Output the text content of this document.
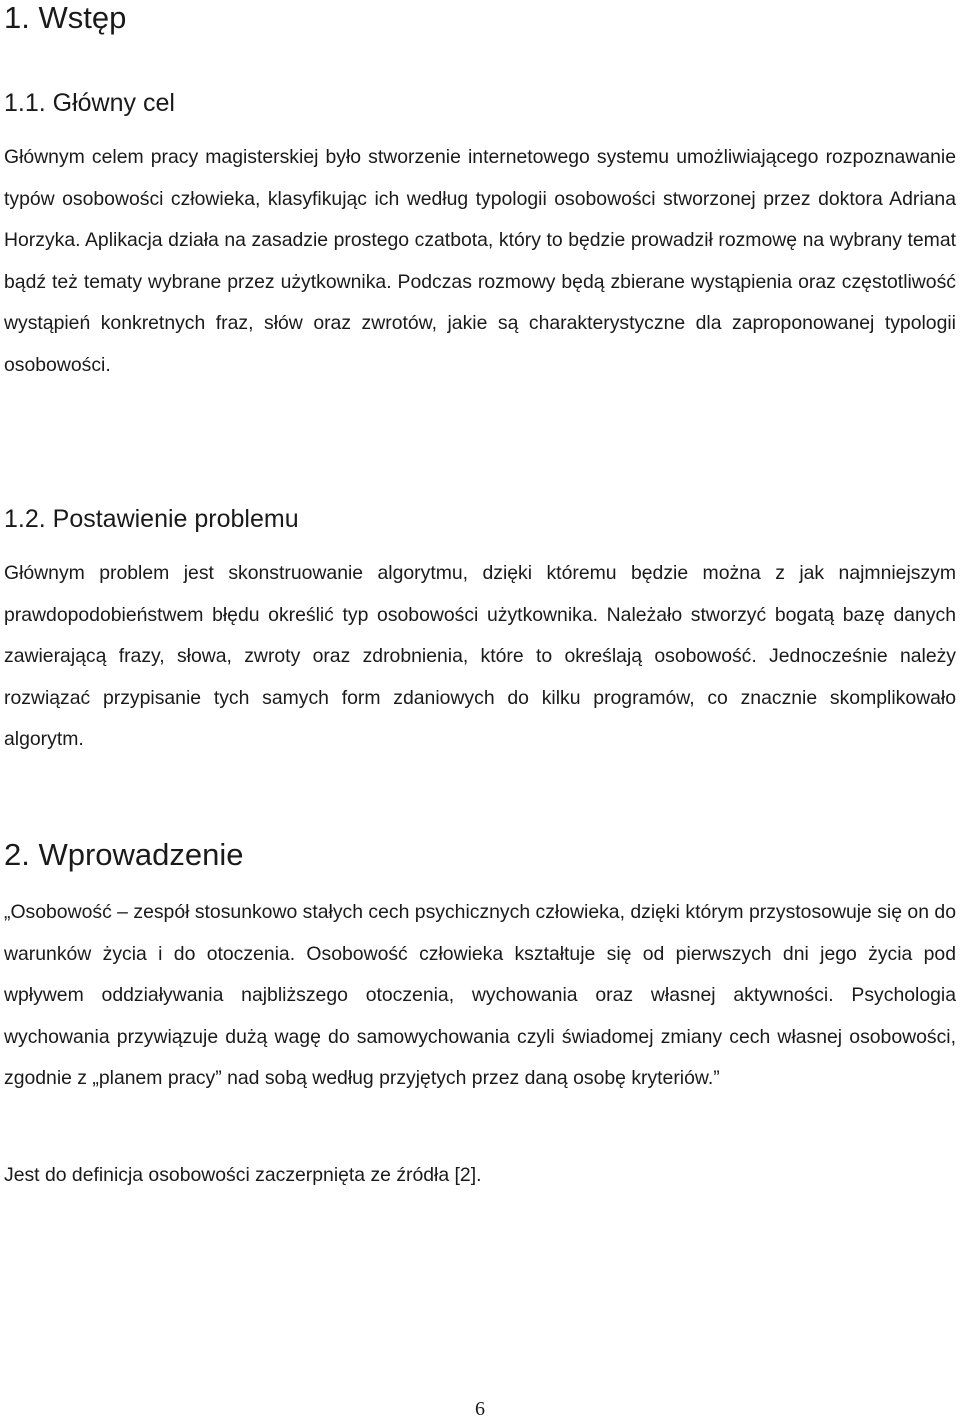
1. Wstęp
1.1. Główny cel

Głównym celem pracy magisterskiej było stworzenie internetowego systemu umożliwiającego rozpoznawanie typów osobowości człowieka, klasyfikując ich według typologii osobowości stworzonej przez doktora Adriana Horzyka. Aplikacja działa na zasadzie prostego czatbota, który to będzie prowadził rozmowę na wybrany temat bądź też tematy wybrane przez użytkownika. Podczas rozmowy będą zbierane wystąpienia oraz częstotliwość wystąpień konkretnych fraz, słów oraz zwrotów, jakie są charakterystyczne dla zaproponowanej typologii osobowości.

1.2. Postawienie problemu

Głównym problem jest skonstruowanie algorytmu, dzięki któremu będzie można z jak najmniejszym prawdopodobieństwem błędu określić typ osobowości użytkownika. Należało stworzyć bogatą bazę danych zawierającą frazy, słowa, zwroty oraz zdrobnienia, które to określają osobowość. Jednocześnie należy rozwiązać przypisanie tych samych form zdaniowych do kilku programów, co znacznie skomplikowało algorytm.

2. Wprowadzenie

„Osobowość – zespół stosunkowo stałych cech psychicznych człowieka, dzięki którym przystosowuje się on do warunków życia i do otoczenia. Osobowość człowieka kształtuje się od pierwszych dni jego życia pod wpływem oddziaływania najbliższego otoczenia, wychowania oraz własnej aktywności. Psychologia wychowania przywiązuje dużą wagę do samowychowania czyli świadomej zmiany cech własnej osobowości, zgodnie z „planem pracy” nad sobą według przyjętych przez daną osobę kryteriów.”

Jest do definicja osobowości zaczerpnięta ze źródła [2].

6
